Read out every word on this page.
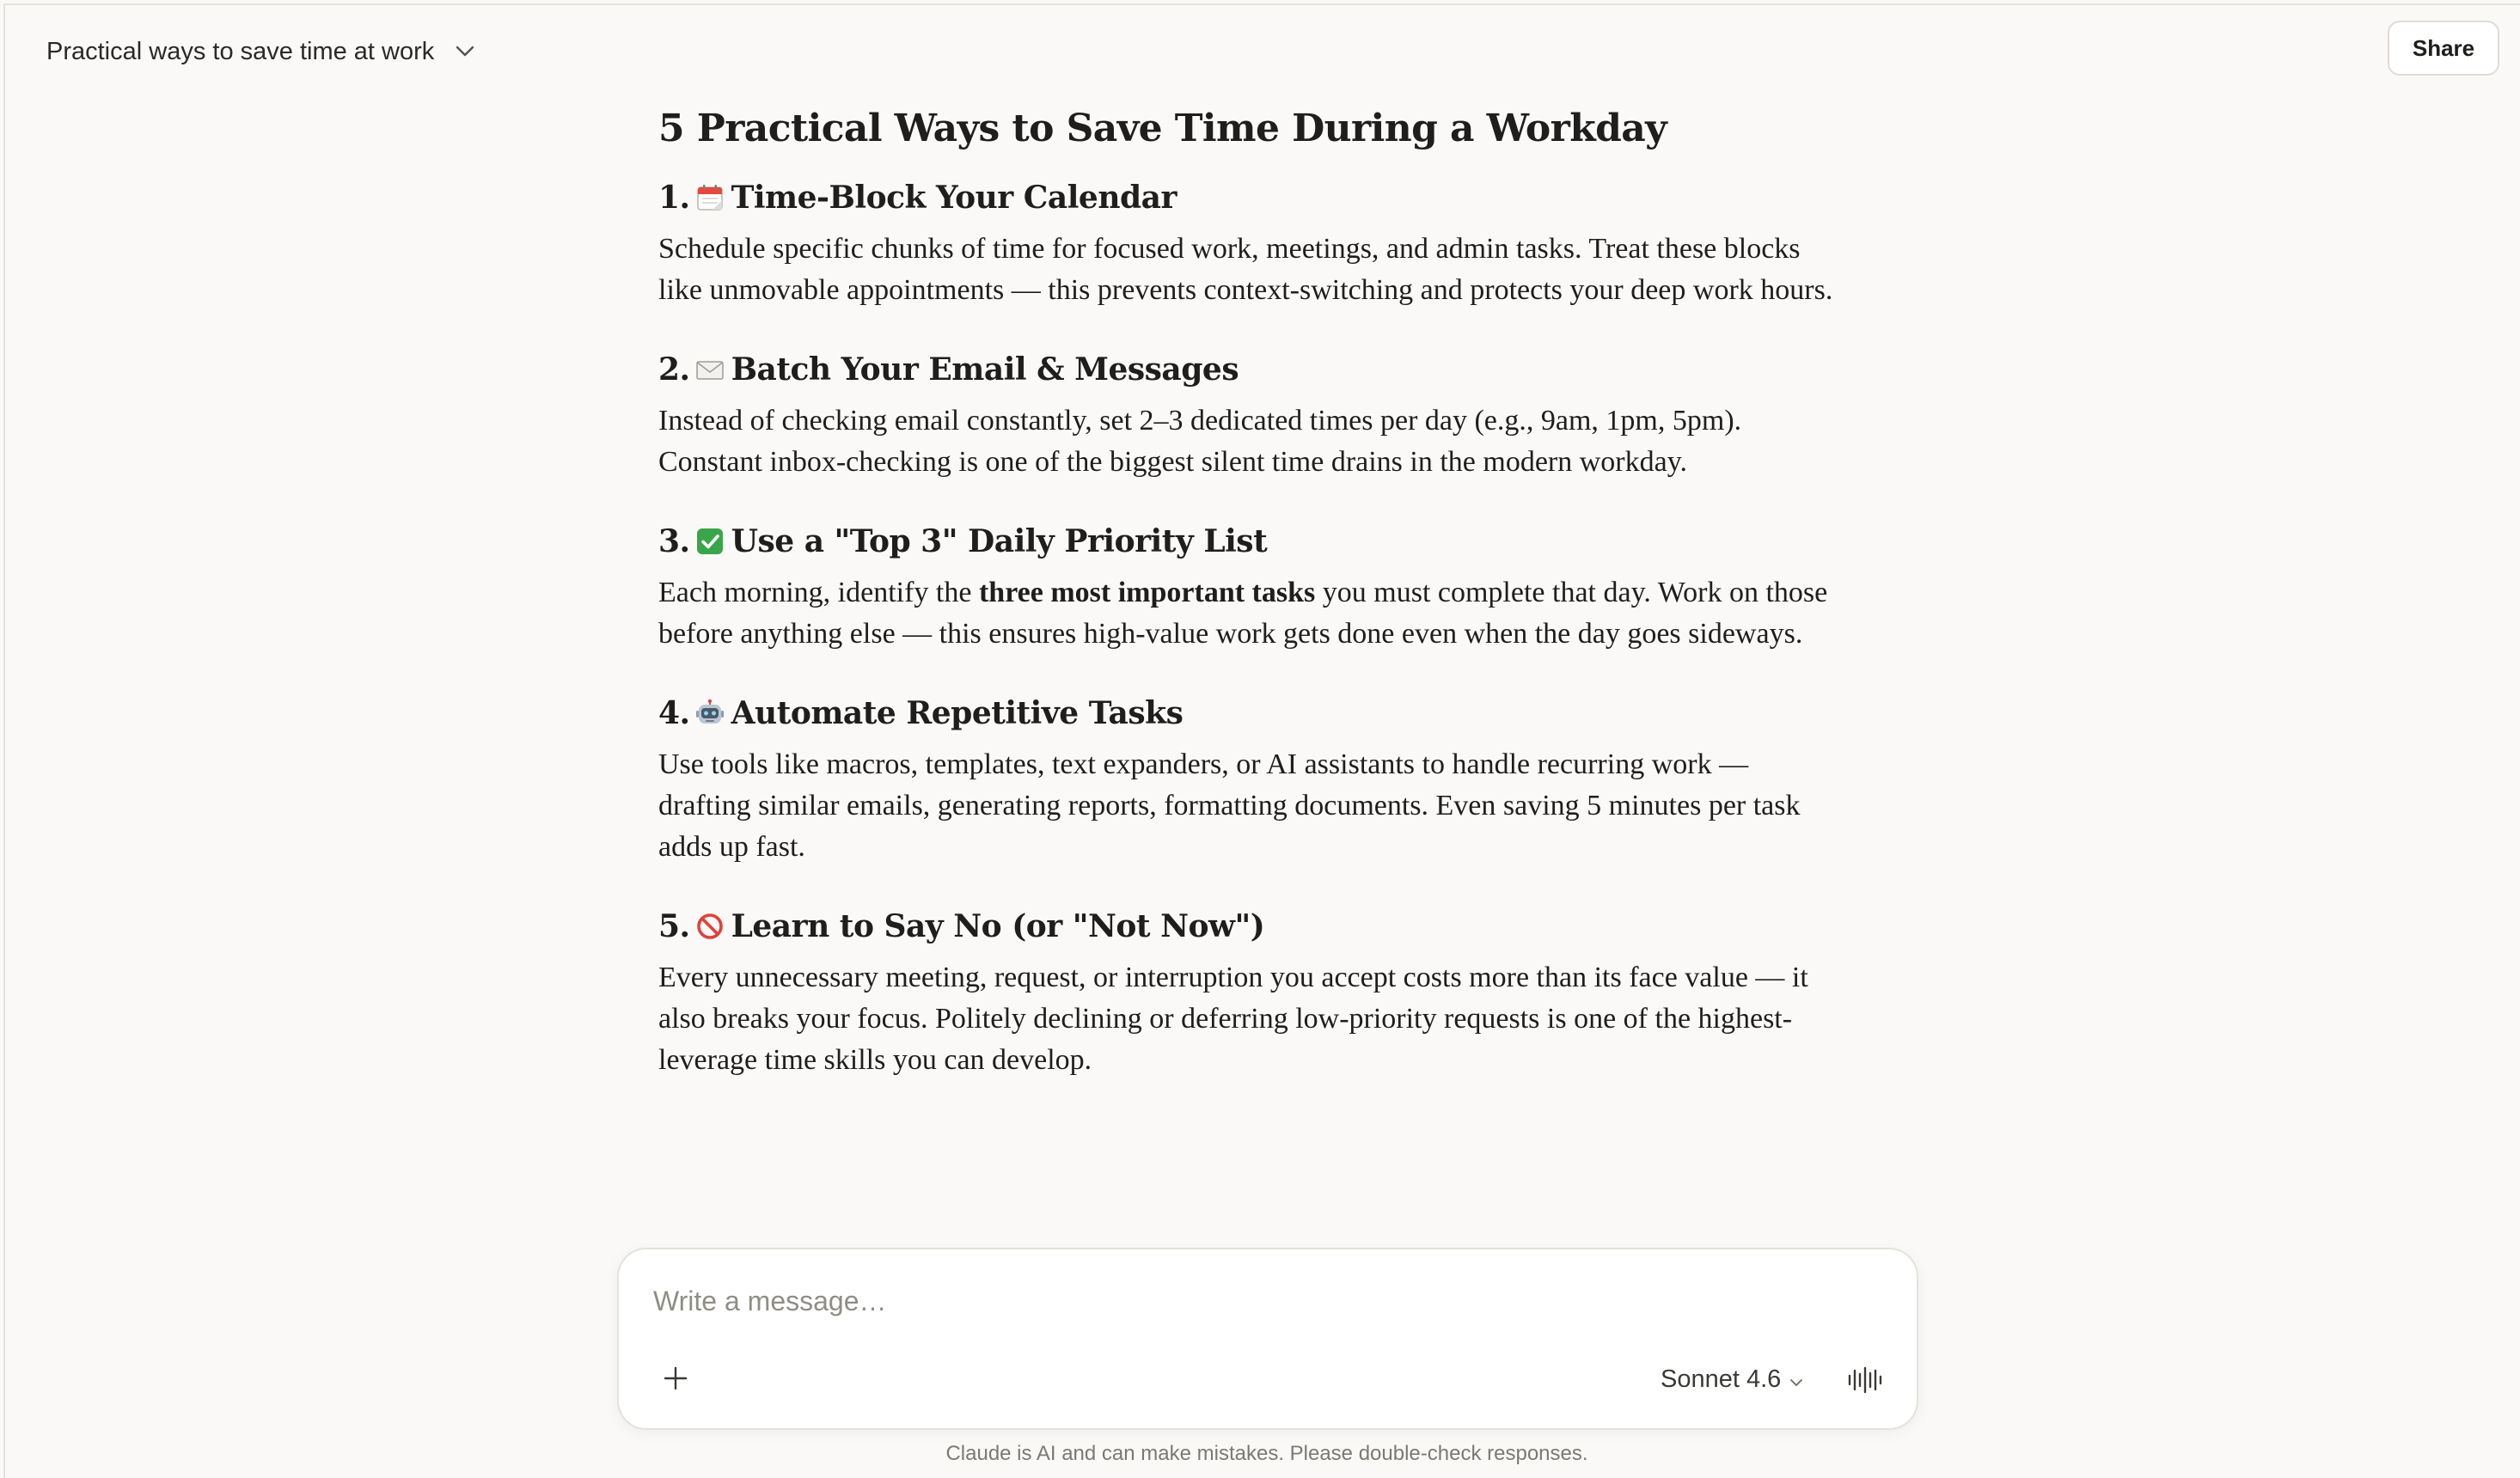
Practical ways to save time at work	Share
5 Practical Ways to Save Time During a Workday
1. Time-Block Your Calendar

Schedule specific chunks of time for focused work, meetings, and admin tasks. Treat these blocks like unmovable appointments — this prevents context-switching and protects your deep work hours.

2. Batch Your Email & Messages

Instead of checking email constantly, set 2–3 dedicated times per day (e.g., 9am, 1pm, 5pm). Constant inbox-checking is one of the biggest silent time drains in the modern workday.

3. Use a "Top 3" Daily Priority List

Each morning, identify the three most important tasks you must complete that day. Work on those before anything else — this ensures high-value work gets done even when the day goes sideways.

4. Automate Repetitive Tasks

Use tools like macros, templates, text expanders, or AI assistants to handle recurring work — drafting similar emails, generating reports, formatting documents. Even saving 5 minutes per task adds up fast.

5. Learn to Say No (or "Not Now")

Every unnecessary meeting, request, or interruption you accept costs more than its face value — it also breaks your focus. Politely declining or deferring low-priority requests is one of the highest-leverage time skills you can develop.

Write a message…
Sonnet 4.6
Claude is AI and can make mistakes. Please double-check responses.
